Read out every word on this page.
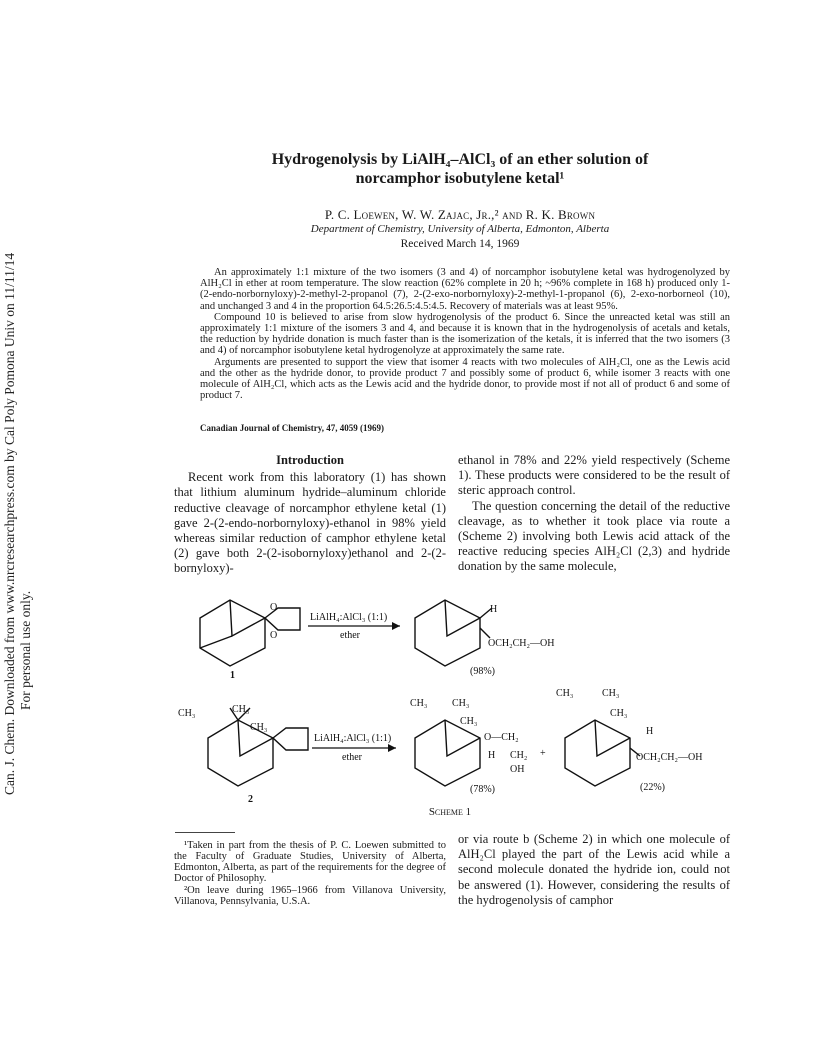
Can. J. Chem. Downloaded from www.nrcresearchpress.com by Cal Poly Pomona Univ on 11/11/14 For personal use only.
Hydrogenolysis by LiAlH₄–AlCl₃ of an ether solution of
norcamphor isobutylene ketal¹
P. C. Loewen, W. W. Zajac, Jr.,² and R. K. Brown
Department of Chemistry, University of Alberta, Edmonton, Alberta
Received March 14, 1969

An approximately 1:1 mixture of the two isomers (3 and 4) of norcamphor isobutylene ketal was hydrogenolyzed by AlH₂Cl in ether at room temperature. The slow reaction (62% complete in 20 h; ~96% complete in 168 h) produced only 1-(2-endo-norbornyloxy)-2-methyl-2-propanol (7), 2-(2-exo-norbornyloxy)-2-methyl-1-propanol (6), 2-exo-norborneol (10), and unchanged 3 and 4 in the proportion 64.5:26.5:4.5:4.5. Recovery of materials was at least 95%.

Compound 10 is believed to arise from slow hydrogenolysis of the product 6. Since the unreacted ketal was still an approximately 1:1 mixture of the isomers 3 and 4, and because it is known that in the hydrogenolysis of acetals and ketals, the reduction by hydride donation is much faster than is the isomerization of the ketals, it is inferred that the two isomers (3 and 4) of norcamphor isobutylene ketal hydrogenolyze at approximately the same rate.

Arguments are presented to support the view that isomer 4 reacts with two molecules of AlH₂Cl, one as the Lewis acid and the other as the hydride donor, to provide product 7 and possibly some of product 6, while isomer 3 reacts with one molecule of AlH₂Cl, which acts as the Lewis acid and the hydride donor, to provide most if not all of product 6 and some of product 7.

Canadian Journal of Chemistry, 47, 4059 (1969)
Introduction

Recent work from this laboratory (1) has shown that lithium aluminum hydride–aluminum chloride reductive cleavage of norcamphor ethylene ketal (1) gave 2-(2-endo-norbornyloxy)-ethanol in 98% yield whereas similar reduction of camphor ethylene ketal (2) gave both 2-(2-isobornyloxy)ethanol and 2-(2-bornyloxy)-

ethanol in 78% and 22% yield respectively (Scheme 1). These products were considered to be the result of steric approach control.

The question concerning the detail of the reductive cleavage, as to whether it took place via route a (Scheme 2) involving both Lewis acid attack of the reactive reducing species AlH₂Cl (2,3) and hydride donation by the same molecule,

O
O
1
LiAlH₄:AlCl₃ (1:1)
ether
H
OCH₂CH₂—OH
(98%)
CH₃	CH₃
CH₃
2
LiAlH₄:AlCl₃ (1:1)
ether
CH₃ CH₃
CH₃
O—CH₂
CH₂
OH
H	+
(78%)
CH₃	CH₃
CH₃
H
OCH₂CH₂—OH
(22%)
Scheme 1

¹Taken in part from the thesis of P. C. Loewen submitted to the Faculty of Graduate Studies, University of Alberta, Edmonton, Alberta, as part of the requirements for the degree of Doctor of Philosophy.

²On leave during 1965–1966 from Villanova University, Villanova, Pennsylvania, U.S.A.

or via route b (Scheme 2) in which one molecule of AlH₂Cl played the part of the Lewis acid while a second molecule donated the hydride ion, could not be answered (1). However, considering the results of the hydrogenolysis of camphor
